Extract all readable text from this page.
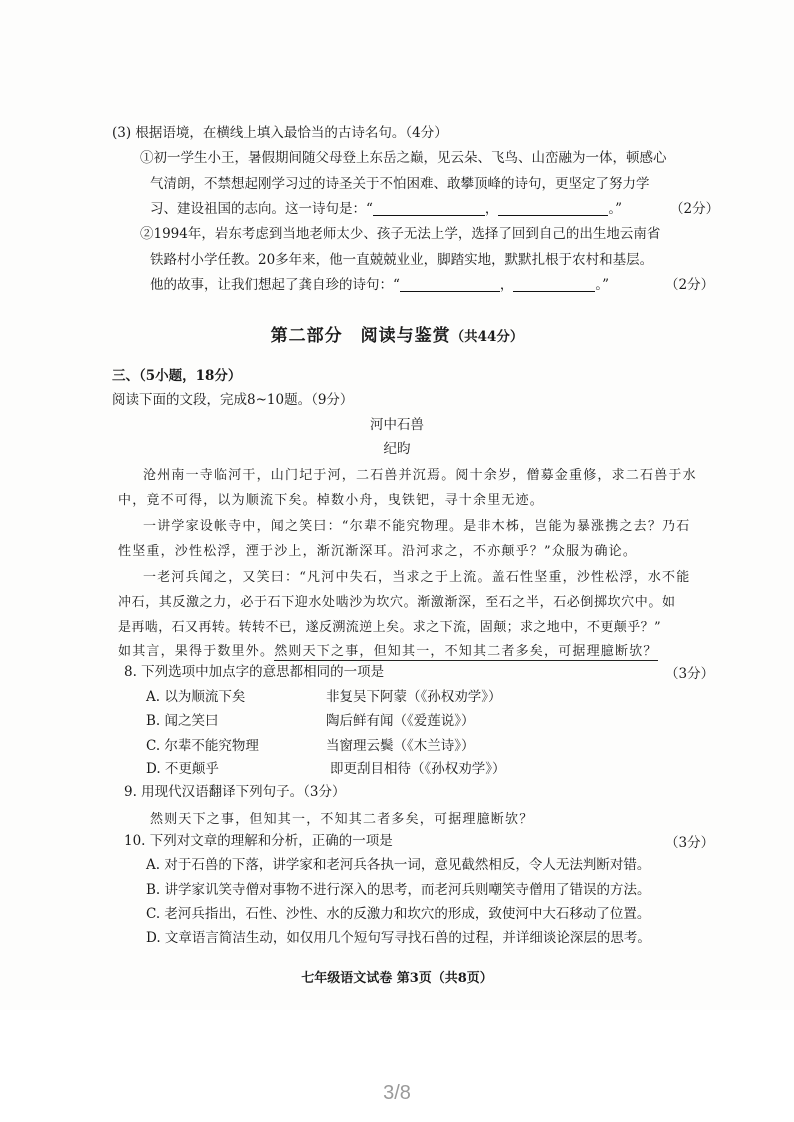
(3) 根据语境，在横线上填入最恰当的古诗名句。（4分）
①初一学生小王，暑假期间随父母登上东岳之巅，见云朵、飞鸟、山峦融为一体，顿感心
气清朗，不禁想起刚学习过的诗圣关于不怕困难、敢攀顶峰的诗句，更坚定了努力学
习、建设祖国的志向。这一诗句是：“	，	。”	（2分）
②1994年，岩东考虑到当地老师太少、孩子无法上学，选择了回到自己的出生地云南省
铁路村小学任教。20多年来，他一直兢兢业业，脚踏实地，默默扎根于农村和基层。
他的故事，让我们想起了龚自珍的诗句：“	，	。”	（2分）
第二部分　阅读与鉴赏（共44分）
三、（5小题，18分）
阅读下面的文段，完成8~10题。（9分）
河中石兽
纪昀
沧州南一寺临河干，山门圮于河，二石兽并沉焉。阅十余岁，僧募金重修，求二石兽于水
中，竟不可得，以为顺流下矣。棹数小舟，曳铁钯，寻十余里无迹。
一讲学家设帐寺中，闻之笑曰：“尔辈不能究物理。是非木柹，岂能为暴涨携之去？乃石
性坚重，沙性松浮，湮于沙上，渐沉渐深耳。沿河求之，不亦颠乎？”众服为确论。
一老河兵闻之，又笑曰：“凡河中失石，当求之于上流。盖石性坚重，沙性松浮，水不能
冲石，其反激之力，必于石下迎水处啮沙为坎穴。渐激渐深，至石之半，石必倒掷坎穴中。如
是再啮，石又再转。转转不已，遂反溯流逆上矣。求之下流，固颠；求之地中，不更颠乎？”
如其言，果得于数里外。然则天下之事，但知其一，不知其二者多矣，可据理臆断欤？
8. 下列选项中加点字的意思都相同的一项是	（3分）
A. 以为顺流下矣	非复吴下阿蒙（《孙权劝学》）
B. 闻之笑曰	陶后鲜有闻（《爱莲说》）
C. 尔辈不能究物理	当窗理云鬓（《木兰诗》）
D. 不更颠乎	即更刮目相待（《孙权劝学》）
9. 用现代汉语翻译下列句子。（3分）
然则天下之事，但知其一，不知其二者多矣，可据理臆断欤？
10. 下列对文章的理解和分析，正确的一项是	（3分）
A. 对于石兽的下落，讲学家和老河兵各执一词，意见截然相反，令人无法判断对错。
B. 讲学家讥笑寺僧对事物不进行深入的思考，而老河兵则嘲笑寺僧用了错误的方法。
C. 老河兵指出，石性、沙性、水的反激力和坎穴的形成，致使河中大石移动了位置。
D. 文章语言简洁生动，如仅用几个短句写寻找石兽的过程，并详细谈论深层的思考。
七年级语文试卷 第3页（共8页）
3/8
